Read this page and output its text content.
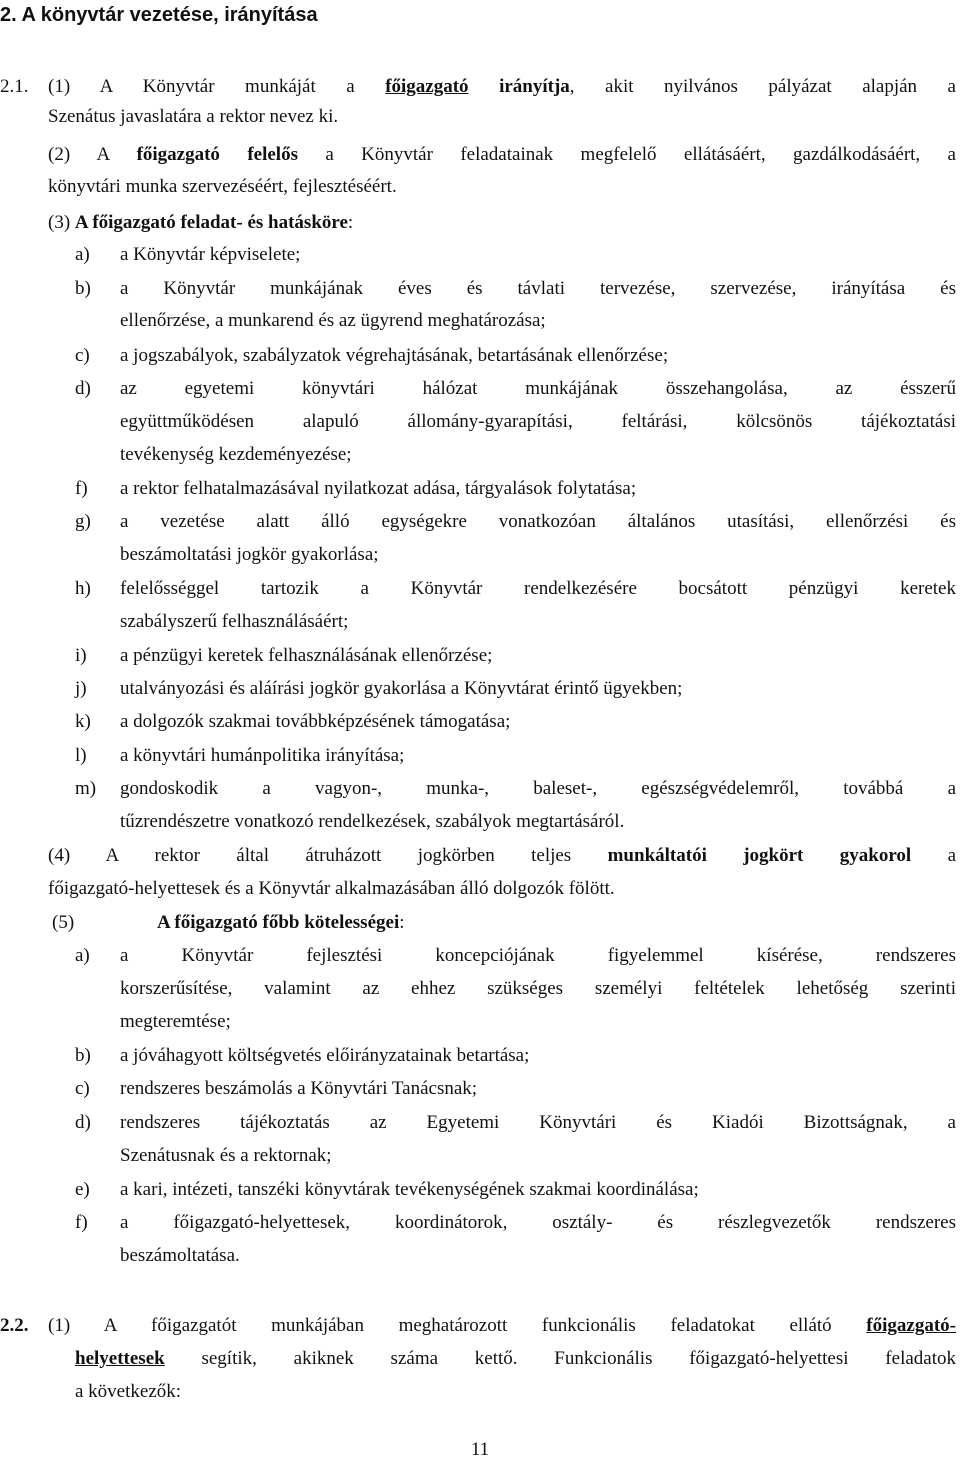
2. A könyvtár vezetése, irányítása
2.1. (1) A Könyvtár munkáját a főigazgató irányítja, akit nyilvános pályázat alapján a
Szenátus javaslatára a rektor nevez ki.
(2) A főigazgató felelős a Könyvtár feladatainak megfelelő ellátásáért, gazdálkodásáért, a
könyvtári munka szervezéséért, fejlesztéséért.
(3) A főigazgató feladat- és hatásköre:
a) a Könyvtár képviselete;
b) a Könyvtár munkájának éves és távlati tervezése, szervezése, irányítása és
ellenőrzése, a munkarend és az ügyrend meghatározása;
c) a jogszabályok, szabályzatok végrehajtásának, betartásának ellenőrzése;
d) az egyetemi könyvtári hálózat munkájának összehangolása, az ésszerű
együttműködésen alapuló állomány-gyarapítási, feltárási, kölcsönös tájékoztatási
tevékenység kezdeményezése;
f) a rektor felhatalmazásával nyilatkozat adása, tárgyalások folytatása;
g) a vezetése alatt álló egységekre vonatkozóan általános utasítási, ellenőrzési és
beszámoltatási jogkör gyakorlása;
h) felelősséggel tartozik a Könyvtár rendelkezésére bocsátott pénzügyi keretek
szabályszerű felhasználásáért;
i) a pénzügyi keretek felhasználásának ellenőrzése;
j) utalványozási és aláírási jogkör gyakorlása a Könyvtárat érintő ügyekben;
k) a dolgozók szakmai továbbképzésének támogatása;
l) a könyvtári humánpolitika irányítása;
m) gondoskodik a vagyon-, munka-, baleset-, egészségvédelemről, továbbá a
tűzrendészetre vonatkozó rendelkezések, szabályok megtartásáról.
(4) A rektor által átruházott jogkörben teljes munkáltatói jogkört gyakorol a
főigazgató-helyettesek és a Könyvtár alkalmazásában álló dolgozók fölött.
(5)	A főigazgató főbb kötelességei:
a) a Könyvtár fejlesztési koncepciójának figyelemmel kísérése, rendszeres
korszerűsítése, valamint az ehhez szükséges személyi feltételek lehetőség szerinti
megteremtése;
b) a jóváhagyott költségvetés előirányzatainak betartása;
c) rendszeres beszámolás a Könyvtári Tanácsnak;
d) rendszeres tájékoztatás az Egyetemi Könyvtári és Kiadói Bizottságnak, a
Szenátusnak és a rektornak;
e) a kari, intézeti, tanszéki könyvtárak tevékenységének szakmai koordinálása;
f) a főigazgató-helyettesek, koordinátorok, osztály- és részlegvezetők rendszeres
beszámoltatása.
2.2. (1) A főigazgatót munkájában meghatározott funkcionális feladatokat ellátó főigazgató-
helyettesek segítik, akiknek száma kettő. Funkcionális főigazgató-helyettesi feladatok
a következők:
11
